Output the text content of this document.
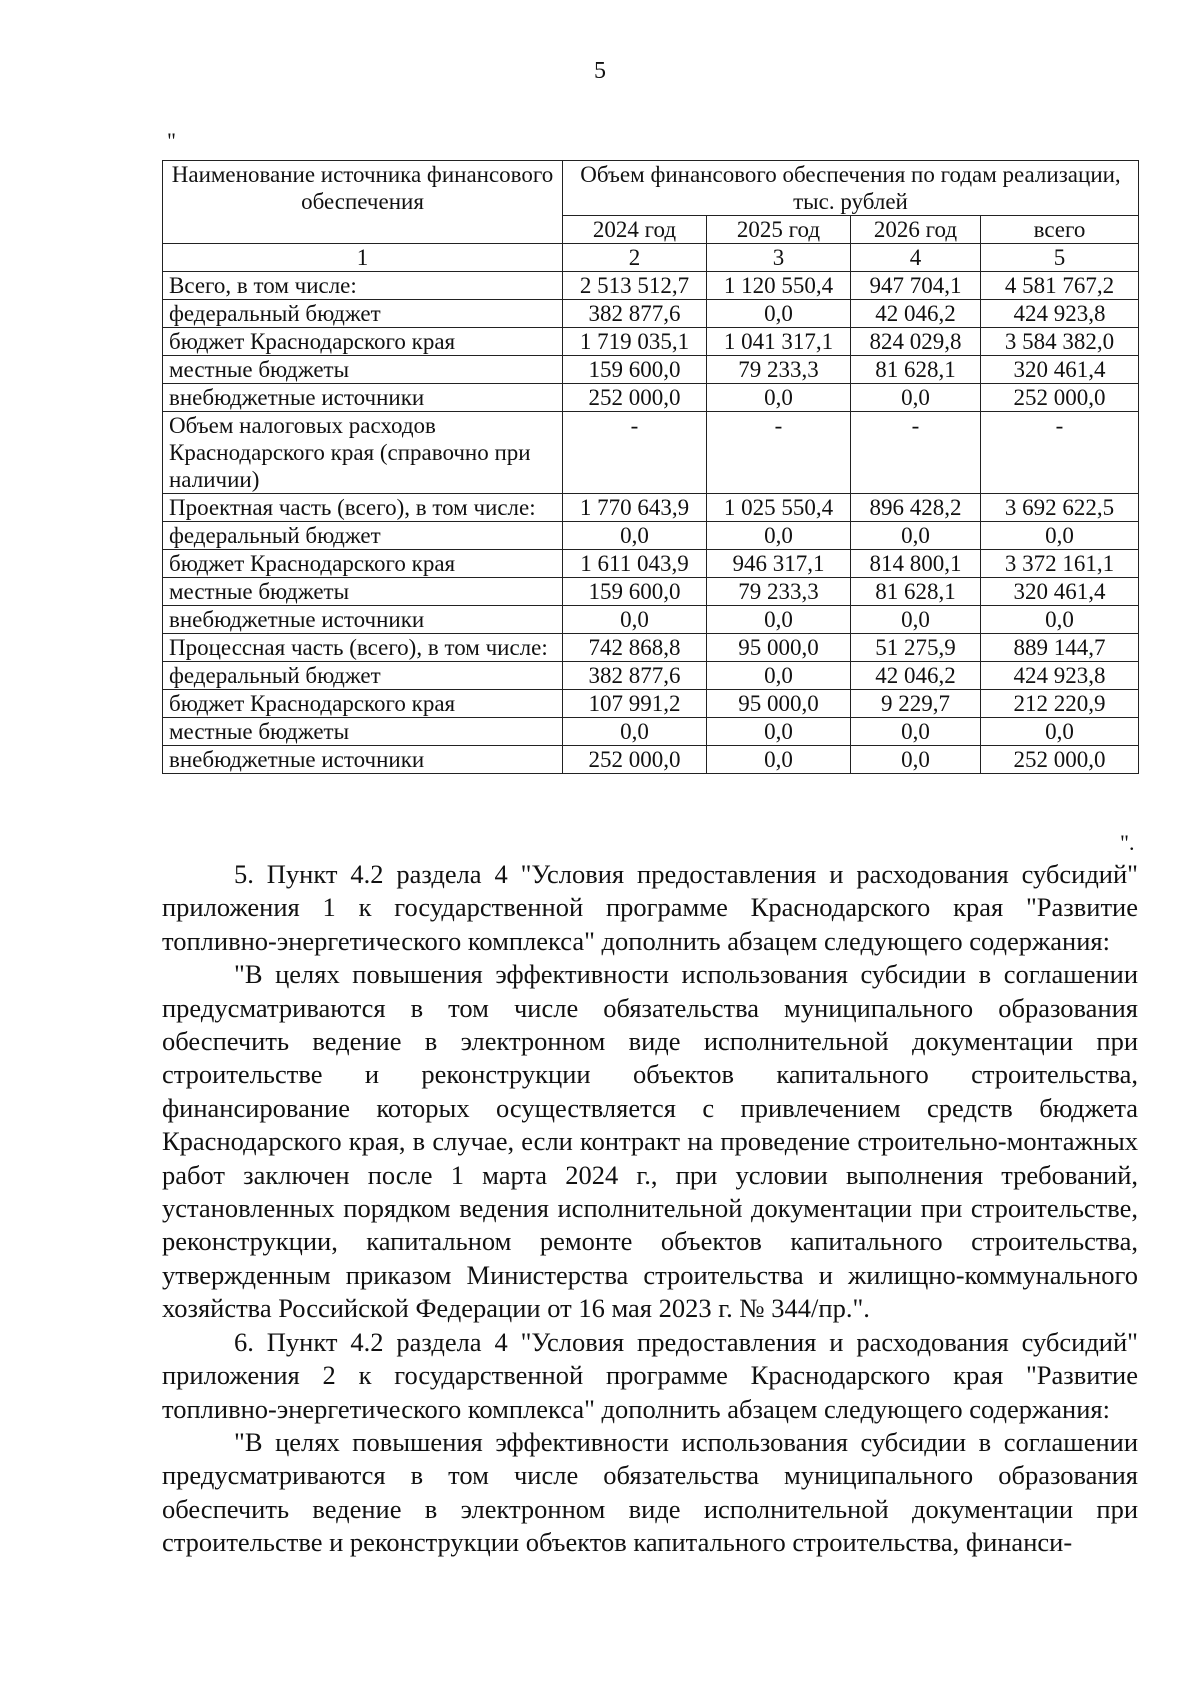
5
"
Наименование источника финансового обеспечения	Объем финансового обеспечения по годам реализации, тыс. рублей			
	2024 год	2025 год	2026 год	всего
1	2	3	4	5
Всего, в том числе:	2 513 512,7	1 120 550,4	947 704,1	4 581 767,2
федеральный бюджет	382 877,6	0,0	42 046,2	424 923,8
бюджет Краснодарского края	1 719 035,1	1 041 317,1	824 029,8	3 584 382,0
местные бюджеты	159 600,0	79 233,3	81 628,1	320 461,4
внебюджетные источники	252 000,0	0,0	0,0	252 000,0
Объем налоговых расходов Краснодарского края (справочно при наличии)	-	-	-	-
Проектная часть (всего), в том числе:	1 770 643,9	1 025 550,4	896 428,2	3 692 622,5
федеральный бюджет	0,0	0,0	0,0	0,0
бюджет Краснодарского края	1 611 043,9	946 317,1	814 800,1	3 372 161,1
местные бюджеты	159 600,0	79 233,3	81 628,1	320 461,4
внебюджетные источники	0,0	0,0	0,0	0,0
Процессная часть (всего), в том числе:	742 868,8	95 000,0	51 275,9	889 144,7
федеральный бюджет	382 877,6	0,0	42 046,2	424 923,8
бюджет Краснодарского края	107 991,2	95 000,0	9 229,7	212 220,9
местные бюджеты	0,0	0,0	0,0	0,0
внебюджетные источники	252 000,0	0,0	0,0	252 000,0
".

5. Пункт 4.2 раздела 4 "Условия предоставления и расходования субсидий" приложения 1 к государственной программе Краснодарского края "Развитие топливно-энергетического комплекса" дополнить абзацем следующего содержания:

"В целях повышения эффективности использования субсидии в соглашении предусматриваются в том числе обязательства муниципального образования обеспечить ведение в электронном виде исполнительной документации при строительстве и реконструкции объектов капитального строительства, финансирование которых осуществляется с привлечением средств бюджета Краснодарского края, в случае, если контракт на проведение строительно-монтажных работ заключен после 1 марта 2024 г., при условии выполнения требований, установленных порядком ведения исполнительной документации при строительстве, реконструкции, капитальном ремонте объектов капитального строительства, утвержденным приказом Министерства строительства и жилищно-коммунального хозяйства Российской Федерации от 16 мая 2023 г. № 344/пр.".

6. Пункт 4.2 раздела 4 "Условия предоставления и расходования субсидий" приложения 2 к государственной программе Краснодарского края "Развитие топливно-энергетического комплекса" дополнить абзацем следующего содержания:

"В целях повышения эффективности использования субсидии в соглашении предусматриваются в том числе обязательства муниципального образования обеспечить ведение в электронном виде исполнительной документации при строительстве и реконструкции объектов капитального строительства, финанси-
